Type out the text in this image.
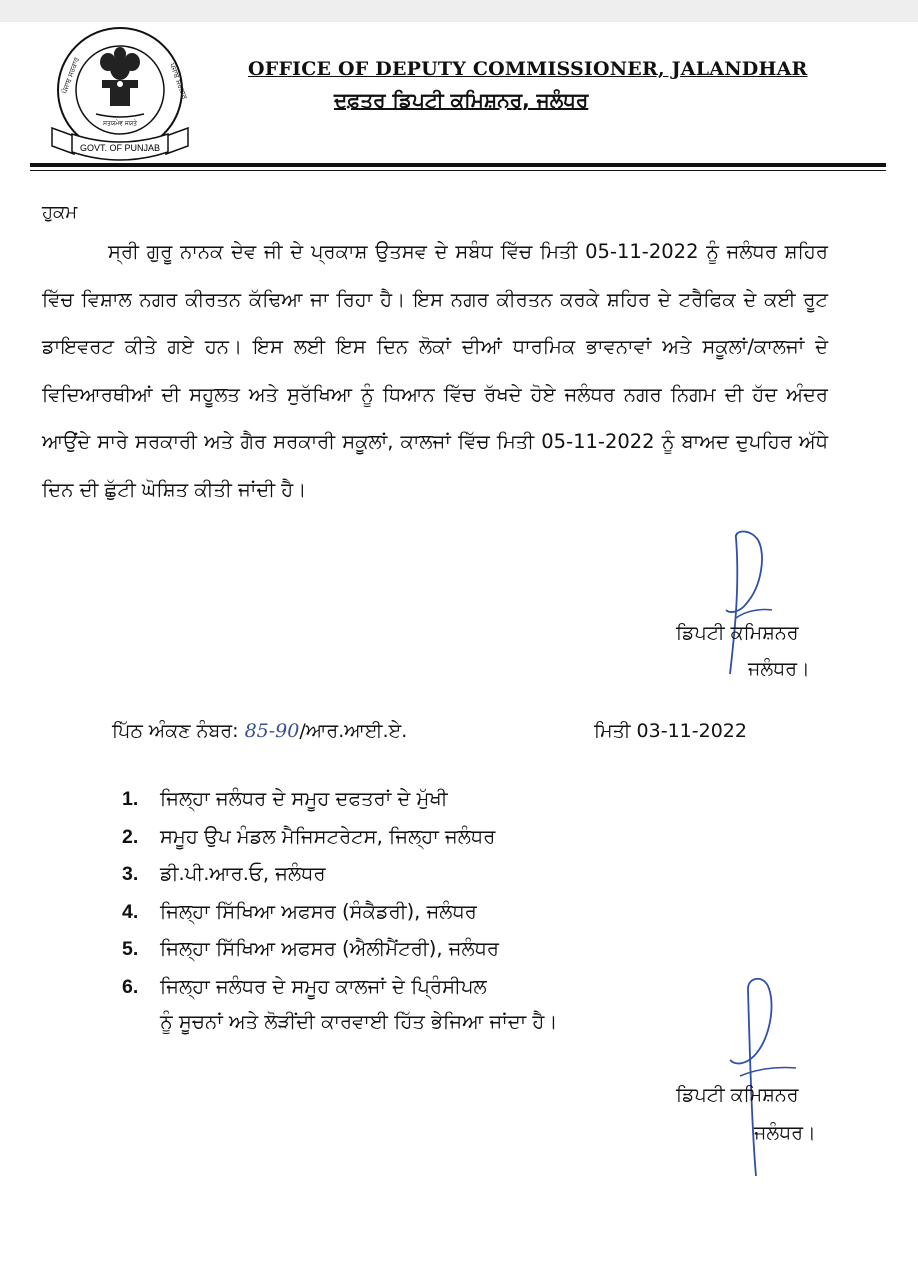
GOVT. OF PUNJAB
ਸਤਯਮੇਵ ਜਯਤੇ
ਪੰਜਾਬ ਸਰਕਾਰ	ਪੰਜਾਬ ਸਰਕਾਰ	OFFICE OF DEPUTY COMMISSIONER, JALANDHAR
ਦਫ਼ਤਰ ਡਿਪਟੀ ਕਮਿਸ਼ਨਰ, ਜਲੰਧਰ
ਹੁਕਮ

ਸ੍ਰੀ ਗੁਰੂ ਨਾਨਕ ਦੇਵ ਜੀ ਦੇ ਪ੍ਰਕਾਸ਼ ਉਤਸਵ ਦੇ ਸਬੰਧ ਵਿੱਚ ਮਿਤੀ 05-11-2022 ਨੂੰ ਜਲੰਧਰ ਸ਼ਹਿਰ ਵਿੱਚ ਵਿਸ਼ਾਲ ਨਗਰ ਕੀਰਤਨ ਕੱਢਿਆ ਜਾ ਰਿਹਾ ਹੈ। ਇਸ ਨਗਰ ਕੀਰਤਨ ਕਰਕੇ ਸ਼ਹਿਰ ਦੇ ਟਰੈਫਿਕ ਦੇ ਕਈ ਰੂਟ ਡਾਇਵਰਟ ਕੀਤੇ ਗਏ ਹਨ। ਇਸ ਲਈ ਇਸ ਦਿਨ ਲੋਕਾਂ ਦੀਆਂ ਧਾਰਮਿਕ ਭਾਵਨਾਵਾਂ ਅਤੇ ਸਕੂਲਾਂ/ਕਾਲਜਾਂ ਦੇ ਵਿਦਿਆਰਥੀਆਂ ਦੀ ਸਹੂਲਤ ਅਤੇ ਸੁਰੱਖਿਆ ਨੂੰ ਧਿਆਨ ਵਿੱਚ ਰੱਖਦੇ ਹੋਏ ਜਲੰਧਰ ਨਗਰ ਨਿਗਮ ਦੀ ਹੱਦ ਅੰਦਰ ਆਉਂਦੇ ਸਾਰੇ ਸਰਕਾਰੀ ਅਤੇ ਗੈਰ ਸਰਕਾਰੀ ਸਕੂਲਾਂ, ਕਾਲਜਾਂ ਵਿੱਚ ਮਿਤੀ 05-11-2022 ਨੂੰ ਬਾਅਦ ਦੁਪਹਿਰ ਅੱਧੇ ਦਿਨ ਦੀ ਛੁੱਟੀ ਘੋਸ਼ਿਤ ਕੀਤੀ ਜਾਂਦੀ ਹੈ।

ਡਿਪਟੀ ਕਮਿਸ਼ਨਰ
ਜਲੰਧਰ।
ਪਿੱਠ ਅੰਕਣ ਨੰਬਰ: 85-90/ਆਰ.ਆਈ.ਏ.	ਮਿਤੀ 03-11-2022
1. ਜਿਲ੍ਹਾ ਜਲੰਧਰ ਦੇ ਸਮੂਹ ਦਫਤਰਾਂ ਦੇ ਮੁੱਖੀ
2. ਸਮੂਹ ਉਪ ਮੰਡਲ ਮੈਜਿਸਟਰੇਟਸ, ਜਿਲ੍ਹਾ ਜਲੰਧਰ
3. ਡੀ.ਪੀ.ਆਰ.ਓ, ਜਲੰਧਰ
4. ਜਿਲ੍ਹਾ ਸਿੱਖਿਆ ਅਫਸਰ (ਸੰਕੈਡਰੀ), ਜਲੰਧਰ
5. ਜਿਲ੍ਹਾ ਸਿੱਖਿਆ ਅਫਸਰ (ਐਲੀਮੈਂਟਰੀ), ਜਲੰਧਰ
6. ਜਿਲ੍ਹਾ ਜਲੰਧਰ ਦੇ ਸਮੂਹ ਕਾਲਜਾਂ ਦੇ ਪ੍ਰਿੰਸੀਪਲ
ਨੂੰ ਸੂਚਨਾਂ ਅਤੇ ਲੋੜੀਂਦੀ ਕਾਰਵਾਈ ਹਿੱਤ ਭੇਜਿਆ ਜਾਂਦਾ ਹੈ।
ਡਿਪਟੀ ਕਮਿਸ਼ਨਰ
ਜਲੰਧਰ।
